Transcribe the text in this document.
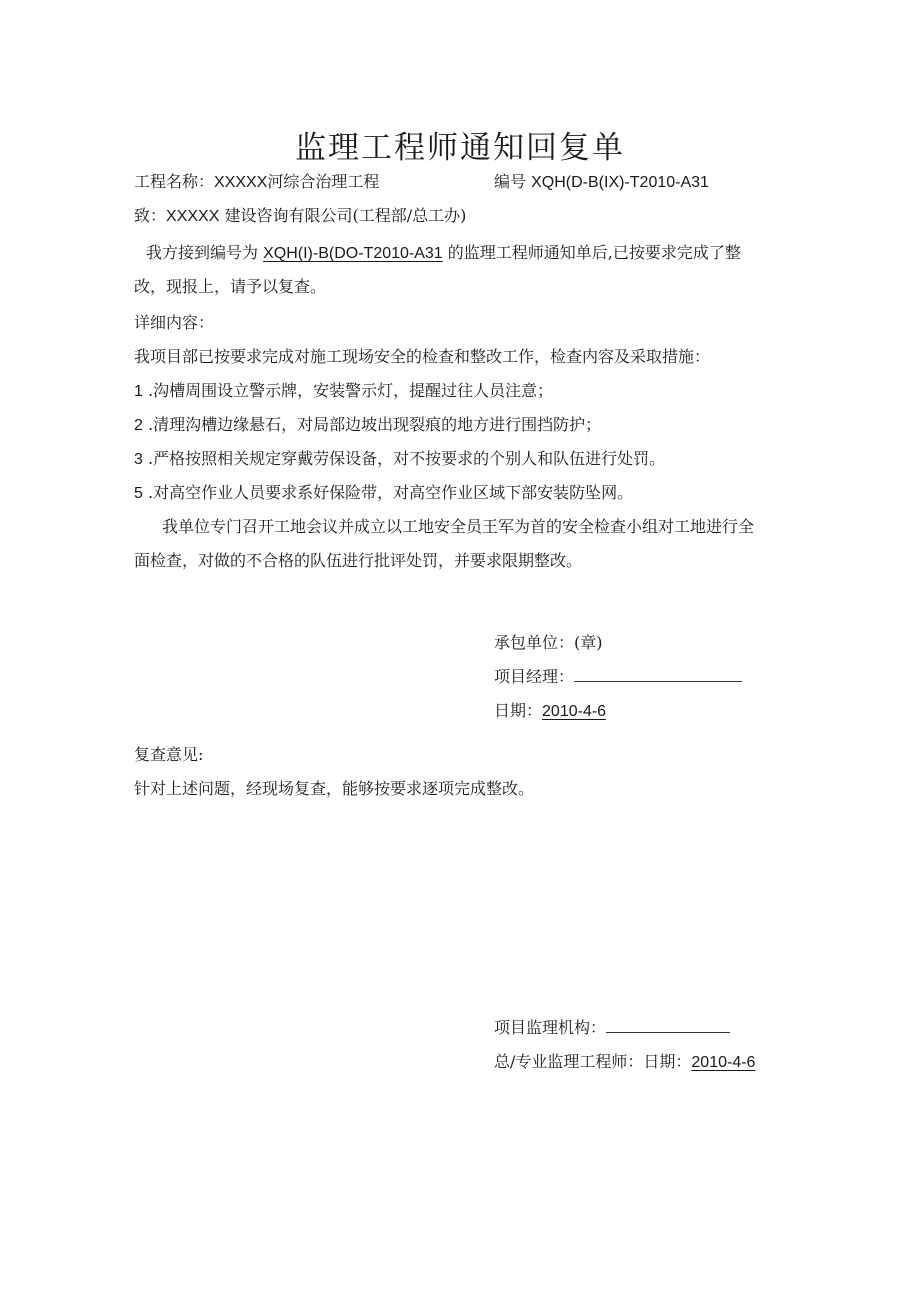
监理工程师通知回复单
工程名称：XXXXX河综合治理工程	编号 XQH(D-B(IX)-T2010-A31
致：XXXXX 建设咨询有限公司(工程部/总工办)
我方接到编号为 XQH(I)-B(DO-T2010-A31 的监理工程师通知单后,已按要求完成了整
改，现报上，请予以复查。
详细内容：
我项目部已按要求完成对施工现场安全的检查和整改工作，检查内容及采取措施：
1 .沟槽周围设立警示牌，安装警示灯，提醒过往人员注意；
2 .清理沟槽边缘悬石，对局部边坡出现裂痕的地方进行围挡防护；
3 .严格按照相关规定穿戴劳保设备，对不按要求的个别人和队伍进行处罚。
5 .对高空作业人员要求系好保险带，对高空作业区域下部安装防坠网。
我单位专门召开工地会议并成立以工地安全员王军为首的安全检查小组对工地进行全
面检查，对做的不合格的队伍进行批评处罚，并要求限期整改。
承包单位：(章)
项目经理：
日期：2010-4-6
复查意见:
针对上述问题，经现场复查，能够按要求逐项完成整改。
项目监理机构：
总/专业监理工程师：日期：2010-4-6
